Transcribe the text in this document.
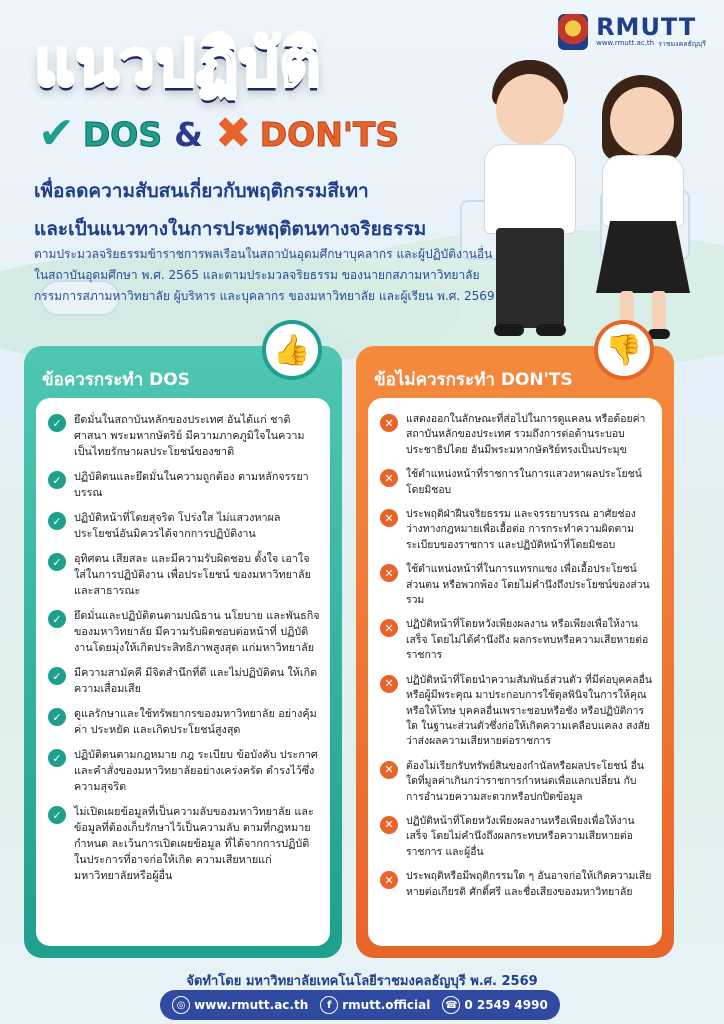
RMUTT
www.rmutt.ac.th ราชมงคลธัญบุรี
แนวปฏิบัติ
✔ DOS & ✖ DON'TS
เพื่อลดความสับสนเกี่ยวกับพฤติกรรมสีเทา
และเป็นแนวทางในการประพฤติตนทางจริยธรรม
ตามประมวลจริยธรรมข้าราชการพลเรือนในสถาบันอุดมศึกษาบุคลากร และผู้ปฏิบัติงานอื่นในสถาบันอุดมศึกษา พ.ศ. 2565 และตามประมวลจริยธรรม ของนายกสภามหาวิทยาลัย กรรมการสภามหาวิทยาลัย ผู้บริหาร และบุคลากร ของมหาวิทยาลัย และผู้เรียน พ.ศ. 2569
ข้อควรกระทำ DOS
👍
✓	ยึดมั่นในสถาบันหลักของประเทศ อันได้แก่ ชาติ ศาสนา พระมหากษัตริย์ มีความภาคภูมิใจในความเป็นไทยรักษาผลประโยชน์ของชาติ
✓	ปฏิบัติตนและยึดมั่นในความถูกต้อง ตามหลักจรรยาบรรณ
✓	ปฏิบัติหน้าที่โดยสุจริต โปร่งใส ไม่แสวงหาผลประโยชน์อันมิควรได้จากการปฏิบัติงาน
✓	อุทิศตน เสียสละ และมีความรับผิดชอบ ตั้งใจ เอาใจใส่ในการปฏิบัติงาน เพื่อประโยชน์ ของมหาวิทยาลัยและสาธารณะ
✓	ยึดมั่นและปฏิบัติตนตามปณิธาน นโยบาย และพันธกิจ ของมหาวิทยาลัย มีความรับผิดชอบต่อหน้าที่ ปฏิบัติงานโดยมุ่งให้เกิดประสิทธิภาพสูงสุด แก่มหาวิทยาลัย
✓	มีความสามัคคี มีจิตสำนึกที่ดี และไม่ปฏิบัติตน ให้เกิดความเสื่อมเสีย
✓	ดูแลรักษาและใช้ทรัพยากรของมหาวิทยาลัย อย่างคุ้มค่า ประหยัด และเกิดประโยชน์สูงสุด
✓	ปฏิบัติตนตามกฎหมาย กฎ ระเบียบ ข้อบังคับ ประกาศ และคำสั่งของมหาวิทยาลัยอย่างเคร่งครัด ดำรงไว้ซึ่งความสุจริต
✓	ไม่เปิดเผยข้อมูลที่เป็นความลับของมหาวิทยาลัย และข้อมูลที่ต้องเก็บรักษาไว้เป็นความลับ ตามที่กฎหมายกำหนด ละเว้นการเปิดเผยข้อมูล ที่ได้จากการปฏิบัติในประการที่อาจก่อให้เกิด ความเสียหายแก่มหาวิทยาลัยหรือผู้อื่น
ข้อไม่ควรกระทำ DON'TS
👎
✕	แสดงออกในลักษณะที่ส่อไปในการดูแคลน หรือด้อยค่าสถาบันหลักของประเทศ รวมถึงการต่อต้านระบอบประชาธิปไตย อันมีพระมหากษัตริย์ทรงเป็นประมุข
✕	ใช้ตำแหน่งหน้าที่ราชการในการแสวงหาผลประโยชน์ โดยมิชอบ
✕	ประพฤติฝ่าฝืนจริยธรรม และจรรยาบรรณ อาศัยช่องว่างทางกฎหมายเพื่อเอื้อต่อ การกระทำความผิดตามระเบียบของราชการ และปฏิบัติหน้าที่โดยมิชอบ
✕	ใช้ตำแหน่งหน้าที่ในการแทรกแซง เพื่อเอื้อประโยชน์ส่วนตน หรือพวกพ้อง โดยไม่คำนึงถึงประโยชน์ของส่วนรวม
✕	ปฏิบัติหน้าที่โดยหวังเพียงผลงาน หรือเพียงเพื่อให้งานเสร็จ โดยไม่ได้คำนึงถึง ผลกระทบหรือความเสียหายต่อราชการ
✕	ปฏิบัติหน้าที่โดยนำความสัมพันธ์ส่วนตัว ที่มีต่อบุคคลอื่น หรือผู้มีพระคุณ มาประกอบการใช้ดุลพินิจในการให้คุณ หรือให้โทษ บุคคลอื่นเพราะชอบหรือชัง หรือปฏิบัติการใด ในฐานะส่วนตัวซึ่งก่อให้เกิดความเคลือบแคลง สงสัยว่าส่งผลความเสียหายต่อราชการ
✕	ต้องไม่เรียกรับทรัพย์สินของกำนัลหรือผลประโยชน์ อื่นใดที่มูลค่าเกินกว่าราชการกำหนดเพื่อแลกเปลี่ยน กับการอำนวยความสะดวกหรือปกปิดข้อมูล
✕	ปฏิบัติหน้าที่โดยหวังเพียงผลงานหรือเพียงเพื่อให้งานเสร็จ โดยไม่คำนึงถึงผลกระทบหรือความเสียหายต่อราชการ และผู้อื่น
✕	ประพฤติหรือมีพฤติกรรมใด ๆ อันอาจก่อให้เกิดความเสียหายต่อเกียรติ ศักดิ์ศรี และชื่อเสียงของมหาวิทยาลัย
จัดทำโดย มหาวิทยาลัยเทคโนโลยีราชมงคลธัญบุรี พ.ศ. 2569
◎ www.rmutt.ac.th	f rmutt.official ☎ 0 2549 4990
